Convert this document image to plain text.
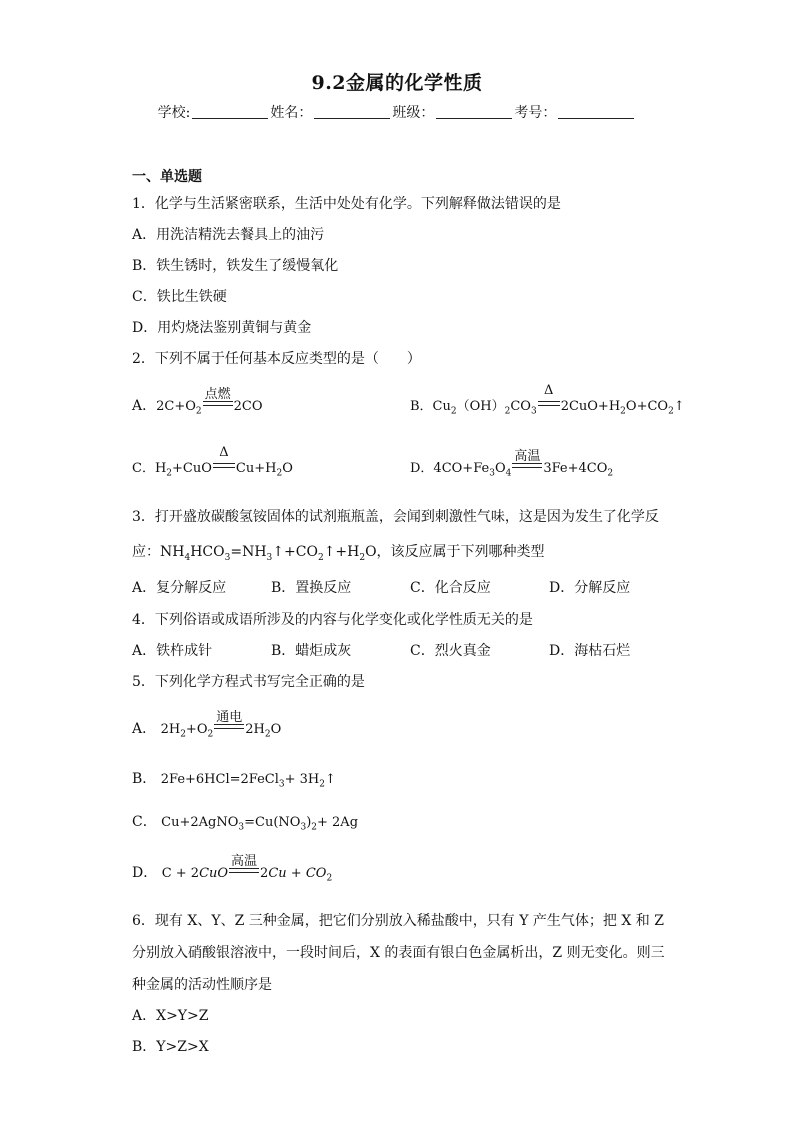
9.2金属的化学性质
学校:	姓名：	班级：	考号：
一、单选题
1．化学与生活紧密联系，生活中处处有化学。下列解释做法错误的是
A．用洗洁精洗去餐具上的油污
B．铁生锈时，铁发生了缓慢氧化
C．铁比生铁硬
D．用灼烧法鉴别黄铜与黄金
2．下列不属于任何基本反应类型的是（　　）
A．$2C+O_2$
点燃
2CO	B．$Cu_2(OH)_2CO_3$
Δ
$2CuO+H_2O+CO_2↑$
C．$H_2+CuO$
Δ
$Cu+H_2O$	D．$4CO+Fe_3O_4$
高温
$3Fe+4CO_2$
3．打开盛放碳酸氢铵固体的试剂瓶瓶盖，会闻到刺激性气味，这是因为发生了化学反
应：$NH_4HCO_3=NH_3↑+CO_2↑+H_2O$，该反应属于下列哪种类型
A．复分解反应	B．置换反应	C．化合反应	D．分解反应
4．下列俗语或成语所涉及的内容与化学变化或化学性质无关的是
A．铁杵成针	B．蜡炬成灰	C．烈火真金	D．海枯石烂
5．下列化学方程式书写完全正确的是
A． $2H_2+O_2$
通电
$2H_2O$
B． 2Fe+6HCl=2FeCl$_3$+ $3H_2↑$
C． $Cu+2AgNO_3=Cu(NO_3)_2+ 2Ag$
D． C + 2CuO
高温
$2Cu + CO_2$
6．现有 X、Y、Z 三种金属，把它们分别放入稀盐酸中，只有 Y 产生气体；把 X 和 Z
分别放入硝酸银溶液中，一段时间后，X 的表面有银白色金属析出，Z 则无变化。则三
种金属的活动性顺序是
A．X>Y>Z
B．Y>Z>X
